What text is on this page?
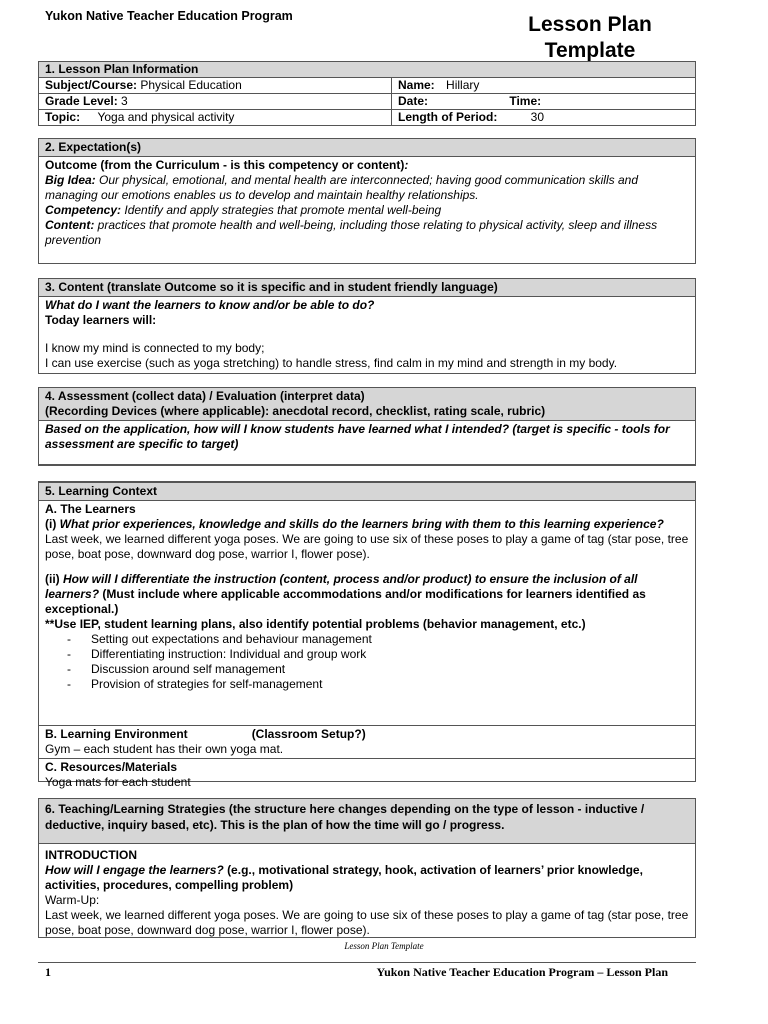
Yukon Native Teacher Education Program	Lesson Plan
Template
1. Lesson Plan Information	
Subject/Course: Physical Education	Name: Hillary
Grade Level: 3	Date: Time:
Topic: Yoga and physical activity	Length of Period: 30
2. Expectation(s)
Outcome (from the Curriculum - is this competency or content):
Big Idea: Our physical, emotional, and mental health are interconnected; having good communication skills and managing our emotions enables us to develop and maintain healthy relationships.
Competency: Identify and apply strategies that promote mental well-being
Content: practices that promote health and well-being, including those relating to physical activity, sleep and illness prevention
3. Content (translate Outcome so it is specific and in student friendly language)
What do I want the learners to know and/or be able to do?
Today learners will:
I know my mind is connected to my body;
I can use exercise (such as yoga stretching) to handle stress, find calm in my mind and strength in my body.
4. Assessment (collect data) / Evaluation (interpret data)
(Recording Devices (where applicable): anecdotal record, checklist, rating scale, rubric)
Based on the application, how will I know students have learned what I intended? (target is specific - tools for assessment are specific to target)
5. Learning Context
A. The Learners
(i) What prior experiences, knowledge and skills do the learners bring with them to this learning experience?
Last week, we learned different yoga poses. We are going to use six of these poses to play a game of tag (star pose, tree pose, boat pose, downward dog pose, warrior I, flower pose).
(ii) How will I differentiate the instruction (content, process and/or product) to ensure the inclusion of all learners? (Must include where applicable accommodations and/or modifications for learners identified as exceptional.)
**Use IEP, student learning plans, also identify potential problems (behavior management, etc.)
- Setting out expectations and behaviour management
- Differentiating instruction: Individual and group work
- Discussion around self management
- Provision of strategies for self-management
B. Learning Environment	(Classroom Setup?)
Gym – each student has their own yoga mat.
C. Resources/Materials
Yoga mats for each student
6. Teaching/Learning Strategies (the structure here changes depending on the type of lesson - inductive / deductive, inquiry based, etc). This is the plan of how the time will go / progress.
INTRODUCTION
How will I engage the learners? (e.g., motivational strategy, hook, activation of learners’ prior knowledge, activities, procedures, compelling problem)
Warm-Up:
Last week, we learned different yoga poses. We are going to use six of these poses to play a game of tag (star pose, tree pose, boat pose, downward dog pose, warrior I, flower pose).
Lesson Plan Template
1	Yukon Native Teacher Education Program – Lesson Plan
